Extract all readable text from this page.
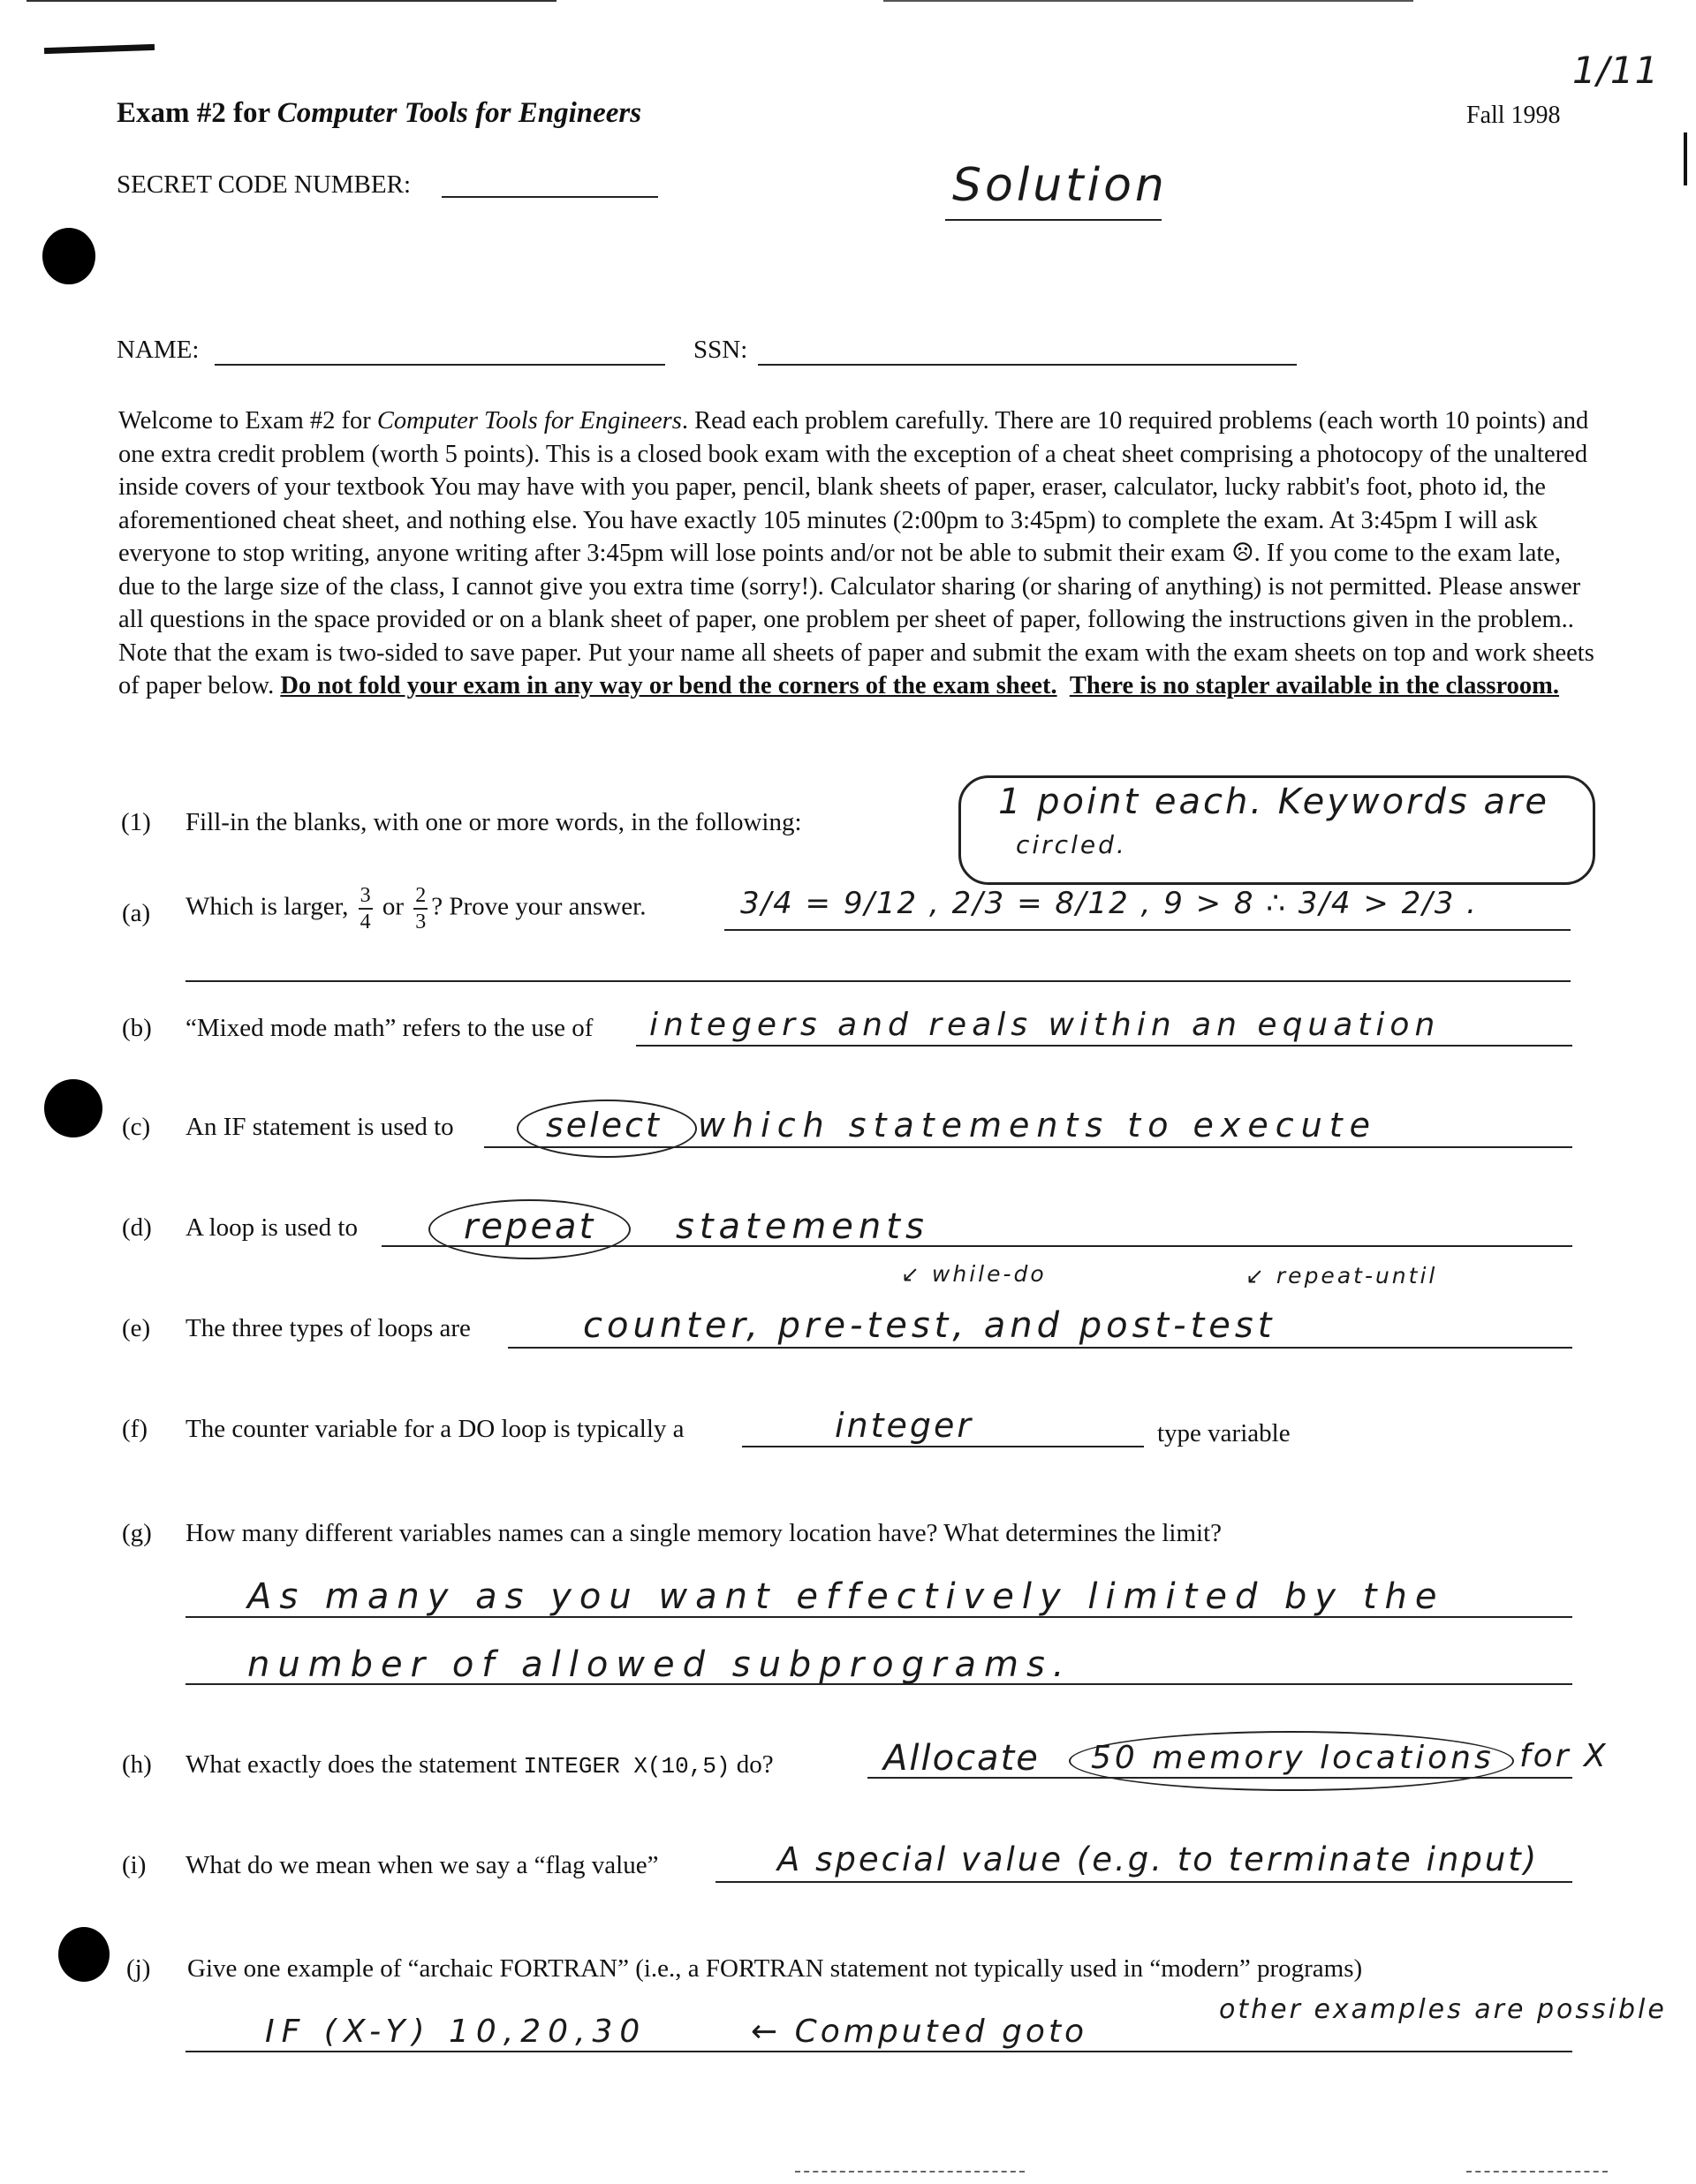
Exam #2 for Computer Tools for Engineers	Fall 1998
1/11
SECRET CODE NUMBER:	Solution
NAME:	SSN:
Welcome to Exam #2 for Computer Tools for Engineers. Read each problem carefully. There are 10 required problems (each worth 10 points) and one extra credit problem (worth 5 points). This is a closed book exam with the exception of a cheat sheet comprising a photocopy of the unaltered inside covers of your textbook You may have with you paper, pencil, blank sheets of paper, eraser, calculator, lucky rabbit's foot, photo id, the aforementioned cheat sheet, and nothing else. You have exactly 105 minutes (2:00pm to 3:45pm) to complete the exam. At 3:45pm I will ask everyone to stop writing, anyone writing after 3:45pm will lose points and/or not be able to submit their exam ☹. If you come to the exam late, due to the large size of the class, I cannot give you extra time (sorry!). Calculator sharing (or sharing of anything) is not permitted. Please answer all questions in the space provided or on a blank sheet of paper, one problem per sheet of paper, following the instructions given in the problem.. Note that the exam is two-sided to save paper. Put your name all sheets of paper and submit the exam with the exam sheets on top and work sheets of paper below. Do not fold your exam in any way or bend the corners of the exam sheet. There is no stapler available in the classroom.
(1) Fill-in the blanks, with one or more words, in the following:	1 point each. Keywords are
circled.
(a) Which is larger, $\frac{3}{4}$ or $\frac{2}{3}$ ? Prove your answer.	3/4 = 9/12 , 2/3 = 8/12 , 9 > 8 ∴ 3/4 > 2/3 .
(b) “Mixed mode math” refers to the use of integers and reals within an equation
(c) An IF statement is used to	select which statements to execute
(d) A loop is used to	repeat statements
↙ while-do	↙ repeat-until
(e) The three types of loops are	counter, pre-test, and post-test
(f) The counter variable for a DO loop is typically a	integer	type variable
(g) How many different variables names can a single memory location have? What determines the limit?
As many as you want effectively limited by the
number of allowed subprograms.
(h) What exactly does the statement INTEGER X(10,5) do?	Allocate 50 memory locations for X
(i) What do we mean when we say a “flag value”	A special value (e.g. to terminate input)
(j) Give one example of “archaic FORTRAN” (i.e., a FORTRAN statement not typically used in “modern” programs)
IF (X-Y) 10,20,30	← Computed goto
other examples are possible
